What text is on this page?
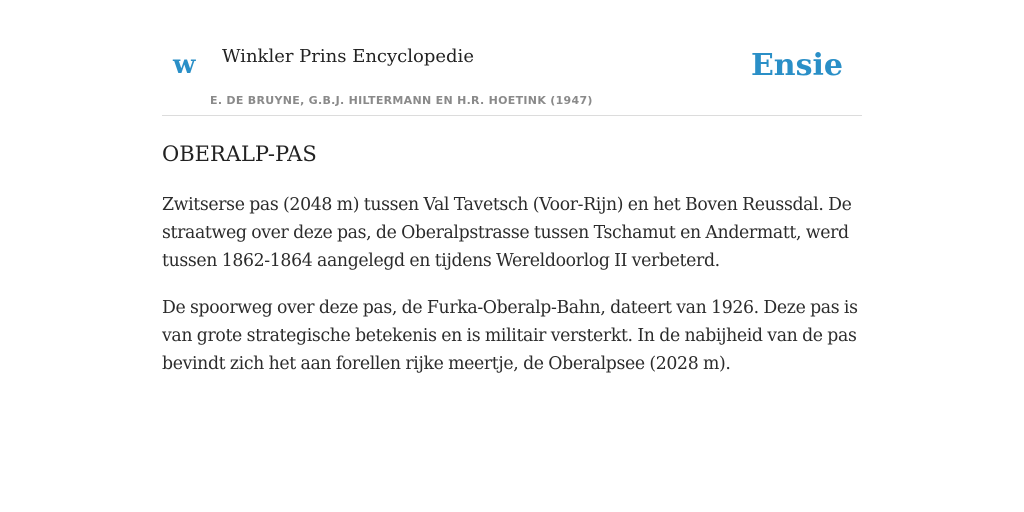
w Winkler Prins Encyclopedie
E. DE BRUYNE, G.B.J. HILTERMANN EN H.R. HOETINK (1947)
Ensie
OBERALP-PAS

Zwitserse pas (2048 m) tussen Val Tavetsch (Voor-Rijn) en het Boven Reussdal. De straatweg over deze pas, de Oberalpstrasse tussen Tschamut en Andermatt, werd tussen 1862-1864 aangelegd en tijdens Wereldoorlog II verbeterd.

De spoorweg over deze pas, de Furka-Oberalp-Bahn, dateert van 1926. Deze pas is van grote strategische betekenis en is militair versterkt. In de nabijheid van de pas bevindt zich het aan forellen rijke meertje, de Oberalpsee (2028 m).
